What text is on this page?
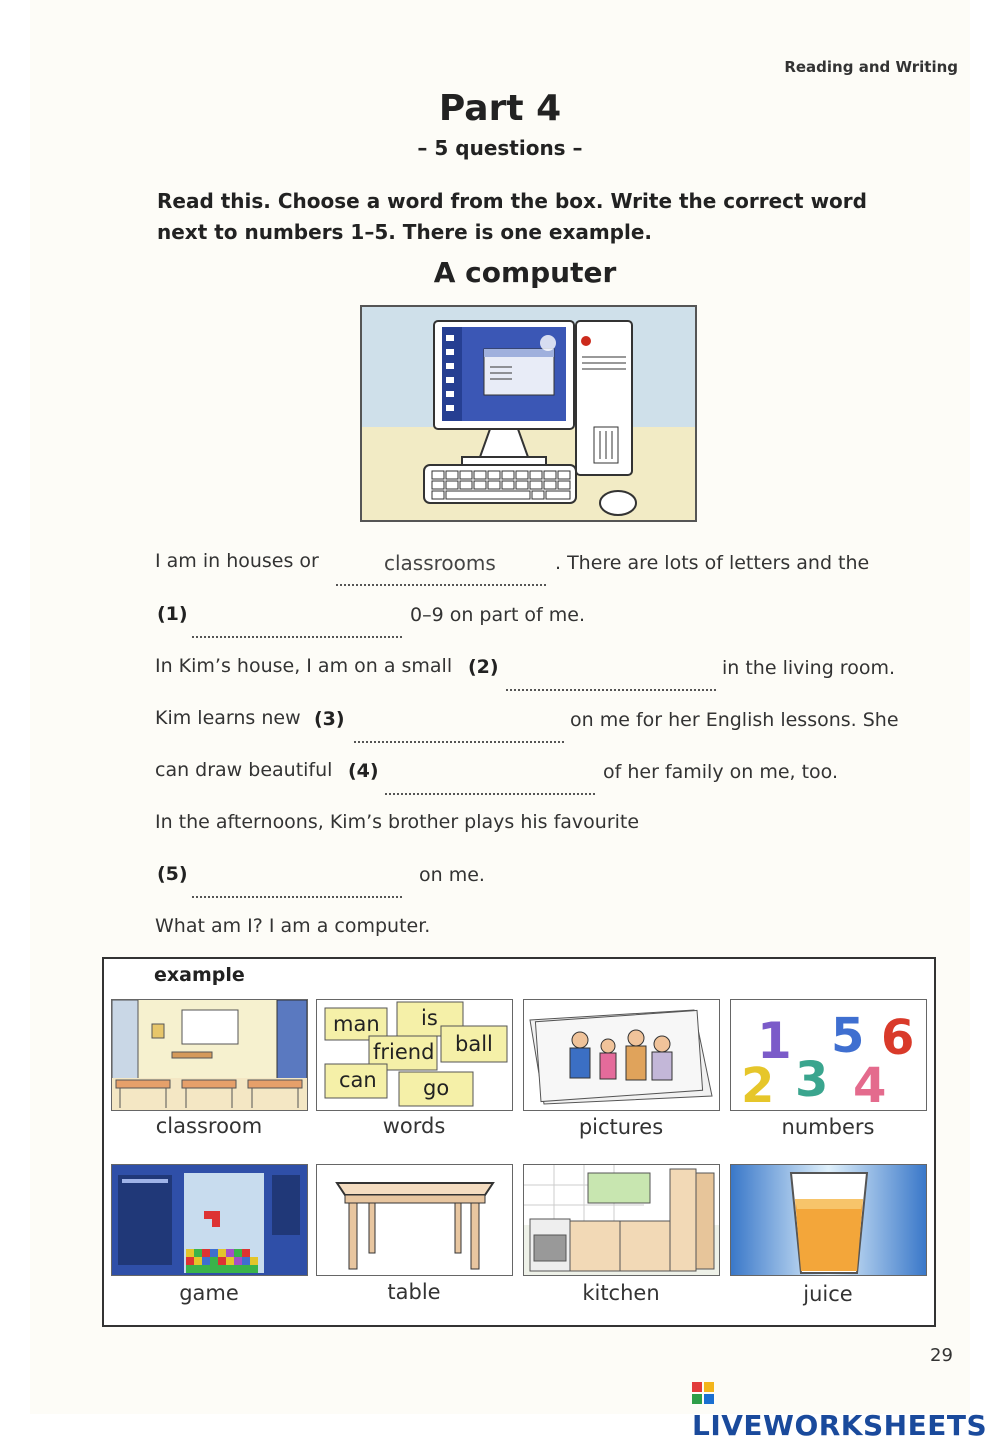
Reading and Writing
Part 4
– 5 questions –
Read this. Choose a word from the box. Write the correct word next to numbers 1–5. There is one example.
A computer
I am in houses or	classrooms	. There are lots of letters and the
(1)	0–9 on part of me.
In Kim’s house, I am on a small (2)	in the living room.
Kim learns new (3)	on me for her English lessons. She
can draw beautiful (4)	of her family on me, too.
In the afternoons, Kim’s brother plays his favourite
(5)	on me.
What am I? I am a computer.
example
classroom
man is
ball
friend
can go
words	pictures
1 5 6
2 3 4
numbers
game	table	kitchen	juice
29
LIVEWORKSHEETS
